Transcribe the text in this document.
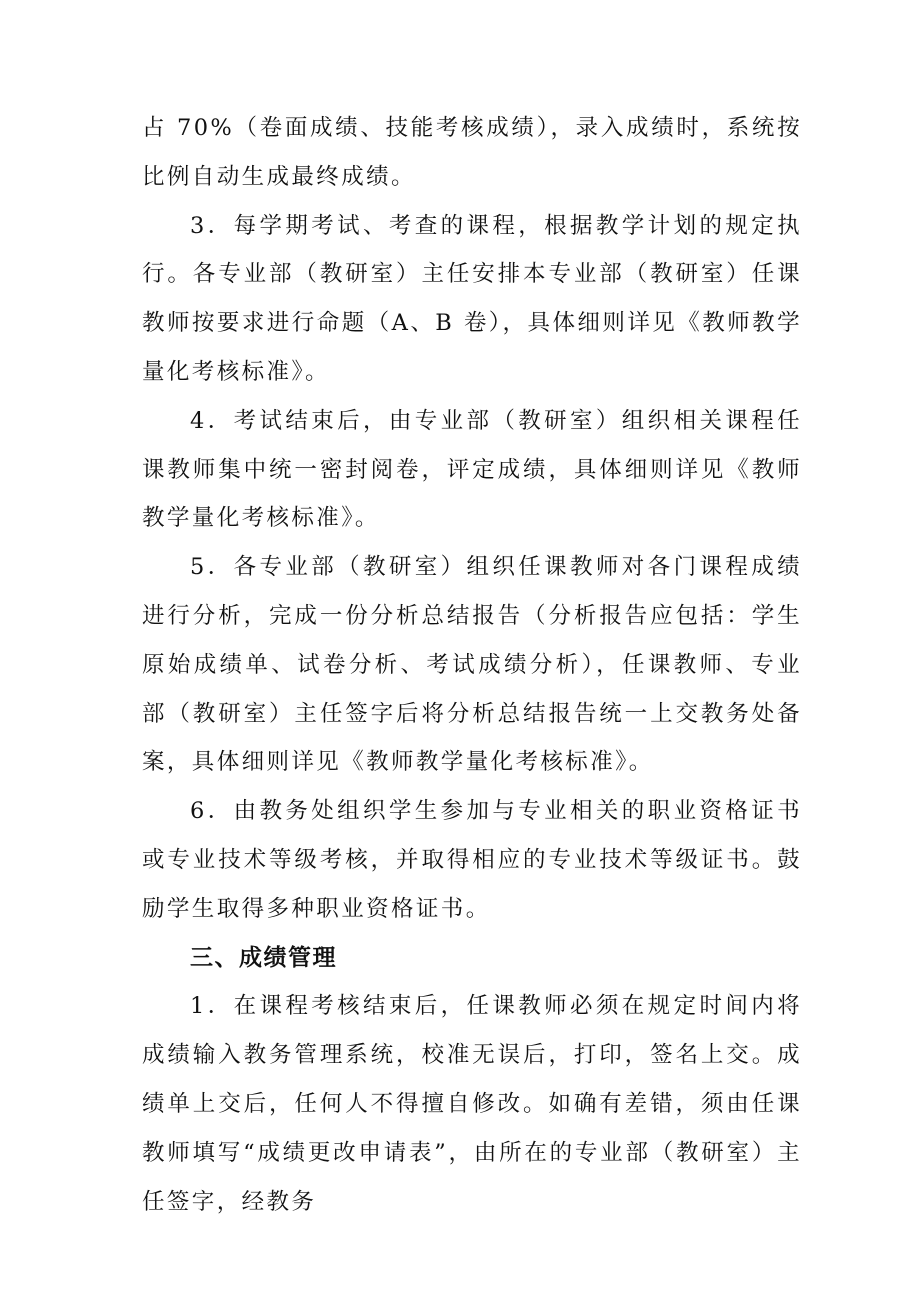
占 70%（卷面成绩、技能考核成绩），录入成绩时，系统按比例自动生成最终成绩。

3．每学期考试、考查的课程，根据教学计划的规定执行。各专业部（教研室）主任安排本专业部（教研室）任课教师按要求进行命题（A、B 卷），具体细则详见《教师教学量化考核标准》。

4．考试结束后，由专业部（教研室）组织相关课程任课教师集中统一密封阅卷，评定成绩，具体细则详见《教师教学量化考核标准》。

5．各专业部（教研室）组织任课教师对各门课程成绩进行分析，完成一份分析总结报告（分析报告应包括：学生原始成绩单、试卷分析、考试成绩分析），任课教师、专业部（教研室）主任签字后将分析总结报告统一上交教务处备案，具体细则详见《教师教学量化考核标准》。

6．由教务处组织学生参加与专业相关的职业资格证书或专业技术等级考核，并取得相应的专业技术等级证书。鼓励学生取得多种职业资格证书。

三、成绩管理

1．在课程考核结束后，任课教师必须在规定时间内将成绩输入教务管理系统，校准无误后，打印，签名上交。成绩单上交后，任何人不得擅自修改。如确有差错，须由任课教师填写“成绩更改申请表”，由所在的专业部（教研室）主任签字，经教务
